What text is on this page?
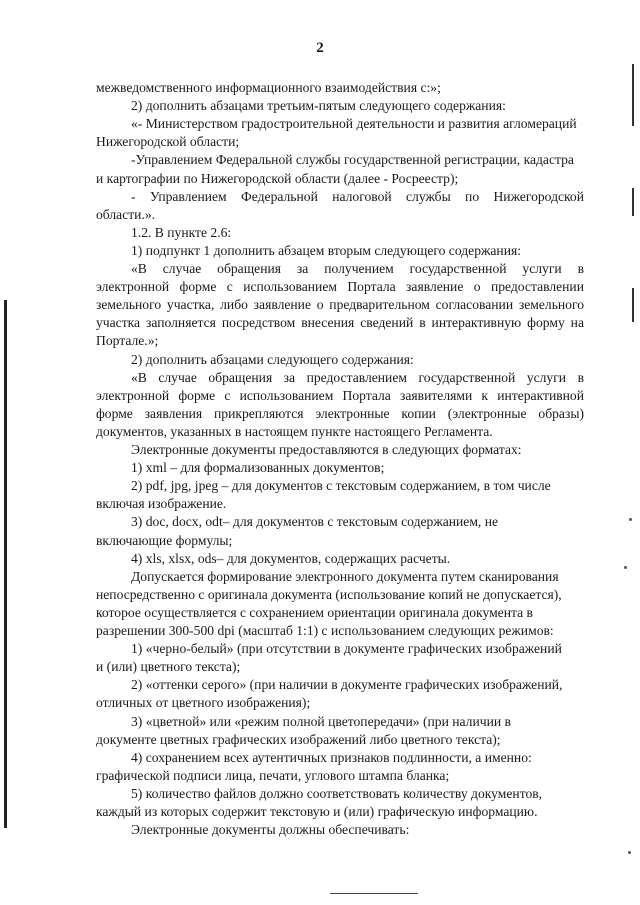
2
межведомственного информационного взаимодействия с:»;
2) дополнить абзацами третьим-пятым следующего содержания:
«- Министерством градостроительной деятельности и развития агломераций
Нижегородской области;
-Управлением Федеральной службы государственной регистрации, кадастра
и картографии по Нижегородской области (далее - Росреестр);
- Управлением Федеральной налоговой службы по Нижегородской
области.».
1.2. В пункте 2.6:
1) подпункт 1 дополнить абзацем вторым следующего содержания:
«В случае обращения за получением государственной услуги в
электронной форме с использованием Портала заявление о предоставлении
земельного участка, либо заявление о предварительном согласовании земельного
участка заполняется посредством внесения сведений в интерактивную форму на
Портале.»;
2) дополнить абзацами следующего содержания:
«В случае обращения за предоставлением государственной услуги в
электронной форме с использованием Портала заявителями к интерактивной
форме заявления прикрепляются электронные копии (электронные образы)
документов, указанных в настоящем пункте настоящего Регламента.
Электронные документы предоставляются в следующих форматах:
1) xml – для формализованных документов;
2) pdf, jpg, jpeg – для документов с текстовым содержанием, в том числе
включая изображение.
3) doc, docx, odt– для документов с текстовым содержанием, не
включающие формулы;
4) xls, xlsx, ods– для документов, содержащих расчеты.
Допускается формирование электронного документа путем сканирования
непосредственно с оригинала документа (использование копий не допускается),
которое осуществляется с сохранением ориентации оригинала документа в
разрешении 300-500 dpi (масштаб 1:1) с использованием следующих режимов:
1) «черно-белый» (при отсутствии в документе графических изображений
и (или) цветного текста);
2) «оттенки серого» (при наличии в документе графических изображений,
отличных от цветного изображения);
3) «цветной» или «режим полной цветопередачи» (при наличии в
документе цветных графических изображений либо цветного текста);
4) сохранением всех аутентичных признаков подлинности, а именно:
графической подписи лица, печати, углового штампа бланка;
5) количество файлов должно соответствовать количеству документов,
каждый из которых содержит текстовую и (или) графическую информацию.
Электронные документы должны обеспечивать:
